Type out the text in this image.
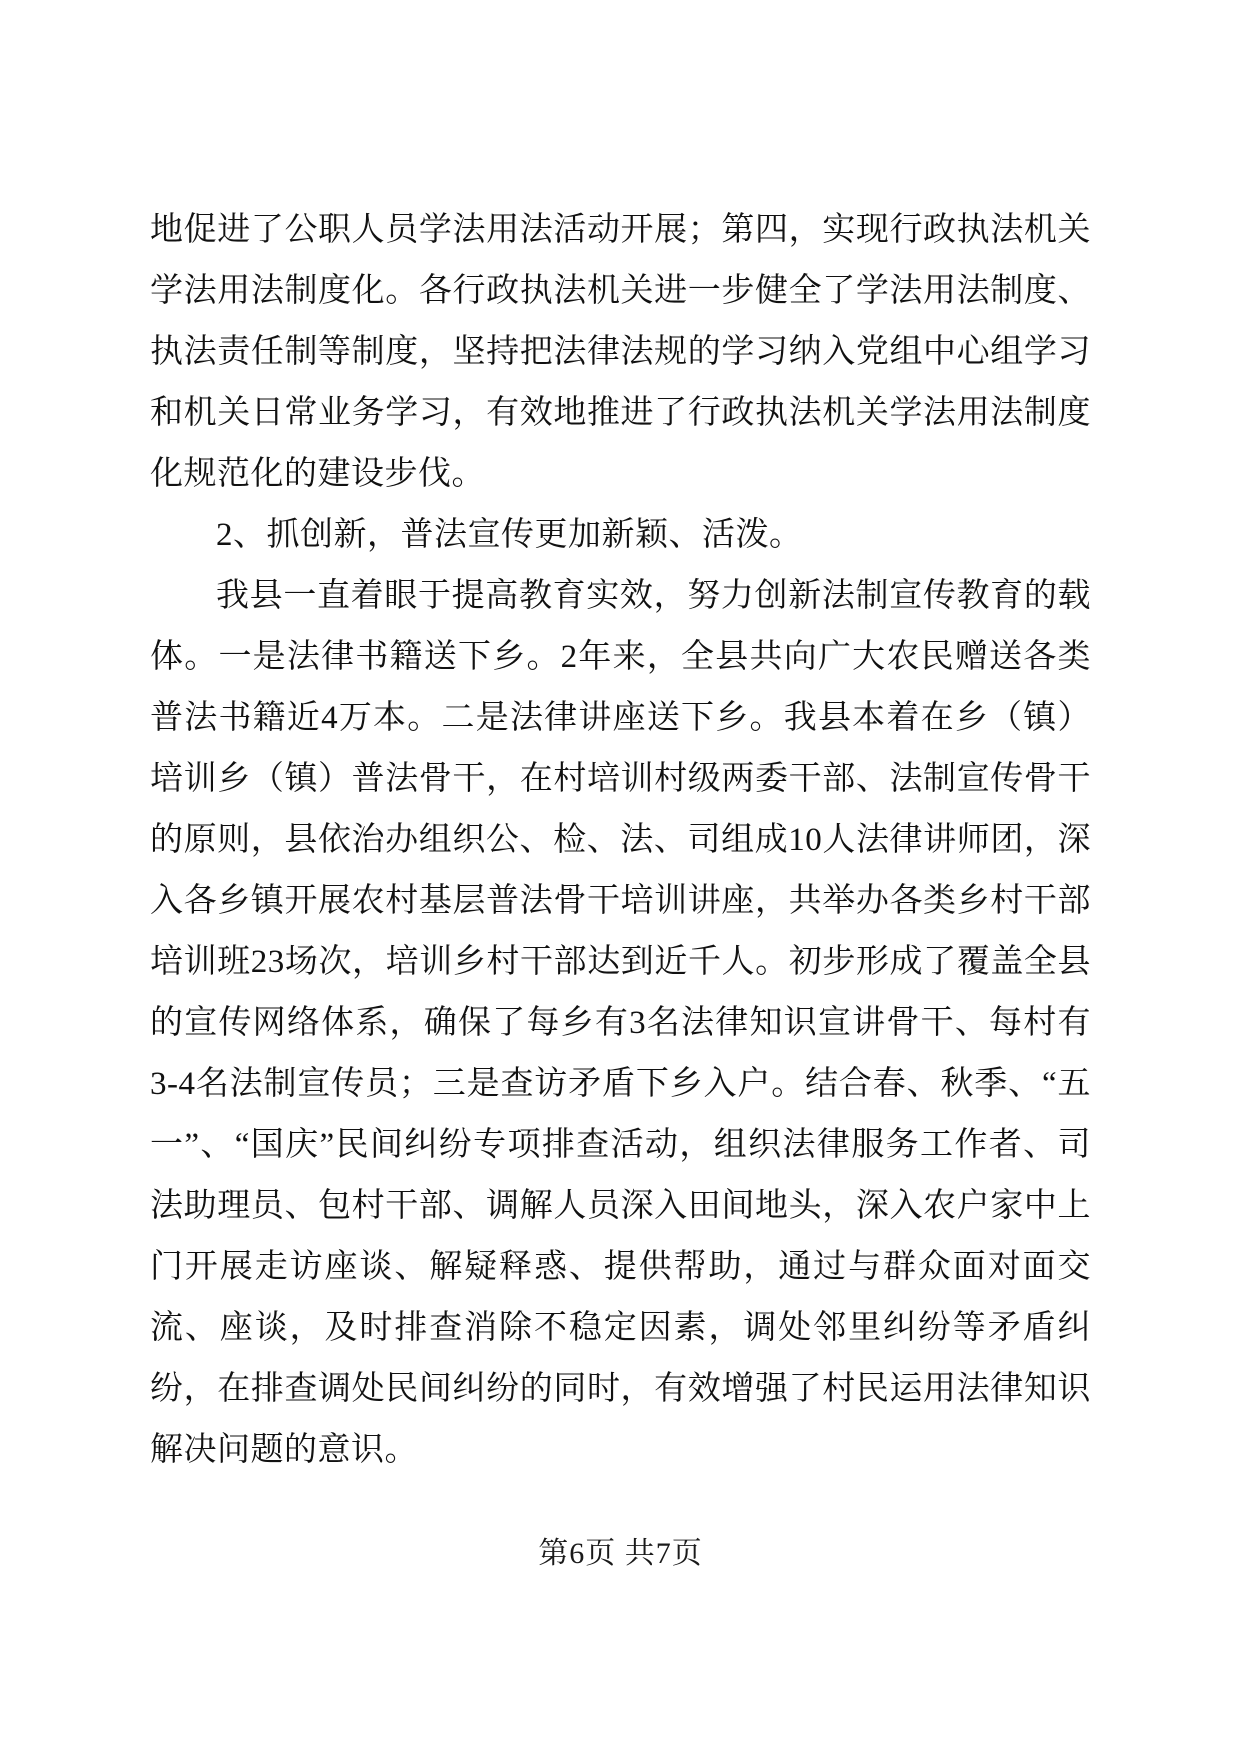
地促进了公职人员学法用法活动开展；第四，实现行政执法机关学法用法制度化。各行政执法机关进一步健全了学法用法制度、执法责任制等制度，坚持把法律法规的学习纳入党组中心组学习和机关日常业务学习，有效地推进了行政执法机关学法用法制度化规范化的建设步伐。

2、抓创新，普法宣传更加新颖、活泼。

我县一直着眼于提高教育实效，努力创新法制宣传教育的载体。一是法律书籍送下乡。2年来，全县共向广大农民赠送各类普法书籍近4万本。二是法律讲座送下乡。我县本着在乡（镇）培训乡（镇）普法骨干，在村培训村级两委干部、法制宣传骨干的原则，县依治办组织公、检、法、司组成10人法律讲师团，深入各乡镇开展农村基层普法骨干培训讲座，共举办各类乡村干部培训班23场次，培训乡村干部达到近千人。初步形成了覆盖全县的宣传网络体系，确保了每乡有3名法律知识宣讲骨干、每村有3-4名法制宣传员；三是查访矛盾下乡入户。结合春、秋季、“五一”、“国庆”民间纠纷专项排查活动，组织法律服务工作者、司法助理员、包村干部、调解人员深入田间地头，深入农户家中上门开展走访座谈、解疑释惑、提供帮助，通过与群众面对面交流、座谈，及时排查消除不稳定因素，调处邻里纠纷等矛盾纠纷，在排查调处民间纠纷的同时，有效增强了村民运用法律知识解决问题的意识。

第6页 共7页
